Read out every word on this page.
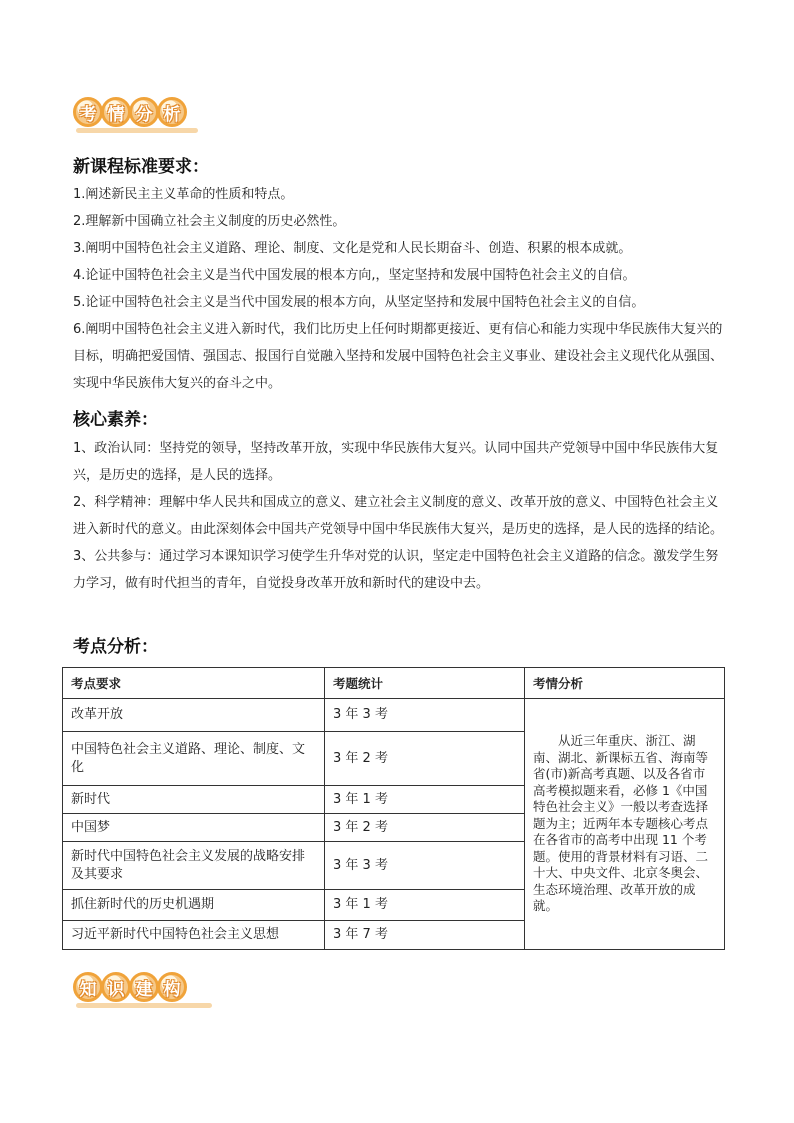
考 情 分 析
新课程标准要求：

1.阐述新民主主义革命的性质和特点。

2.理解新中国确立社会主义制度的历史必然性。

3.阐明中国特色社会主义道路、理论、制度、文化是党和人民长期奋斗、创造、积累的根本成就。

4.论证中国特色社会主义是当代中国发展的根本方向,，坚定坚持和发展中国特色社会主义的自信。

5.论证中国特色社会主义是当代中国发展的根本方向，从坚定坚持和发展中国特色社会主义的自信。

6.阐明中国特色社会主义进入新时代，我们比历史上任何时期都更接近、更有信心和能力实现中华民族伟大复兴的目标，明确把爱国情、强国志、报国行自觉融入坚持和发展中国特色社会主义事业、建设社会主义现代化从强国、实现中华民族伟大复兴的奋斗之中。

核心素养：

1、政治认同：坚持党的领导，坚持改革开放，实现中华民族伟大复兴。认同中国共产党领导中国中华民族伟大复兴，是历史的选择，是人民的选择。

2、科学精神：理解中华人民共和国成立的意义、建立社会主义制度的意义、改革开放的意义、中国特色社会主义进入新时代的意义。由此深刻体会中国共产党领导中国中华民族伟大复兴，是历史的选择，是人民的选择的结论。

3、公共参与：通过学习本课知识学习使学生升华对党的认识，坚定走中国特色社会主义道路的信念。激发学生努力学习，做有时代担当的青年，自觉投身改革开放和新时代的建设中去。

考点分析：
考点要求	考题统计	考情分析
改革开放	3 年 3 考	从近三年重庆、浙江、湖南、湖北、新课标五省、海南等省(市)新高考真题、以及各省市高考模拟题来看，必修 1《中国特色社会主义》一般以考查选择题为主；近两年本专题核心考点在各省市的高考中出现 11 个考题。使用的背景材料有习语、二十大、中央文件、北京冬奥会、生态环境治理、改革开放的成就。

中国特色社会主义道路、理论、制度、文化	3 年 2 考	
新时代	3 年 1 考	
中国梦	3 年 2 考	
新时代中国特色社会主义发展的战略安排及其要求	3 年 3 考	
抓住新时代的历史机遇期	3 年 1 考	
习近平新时代中国特色社会主义思想	3 年 7 考	
知 识 建 构
